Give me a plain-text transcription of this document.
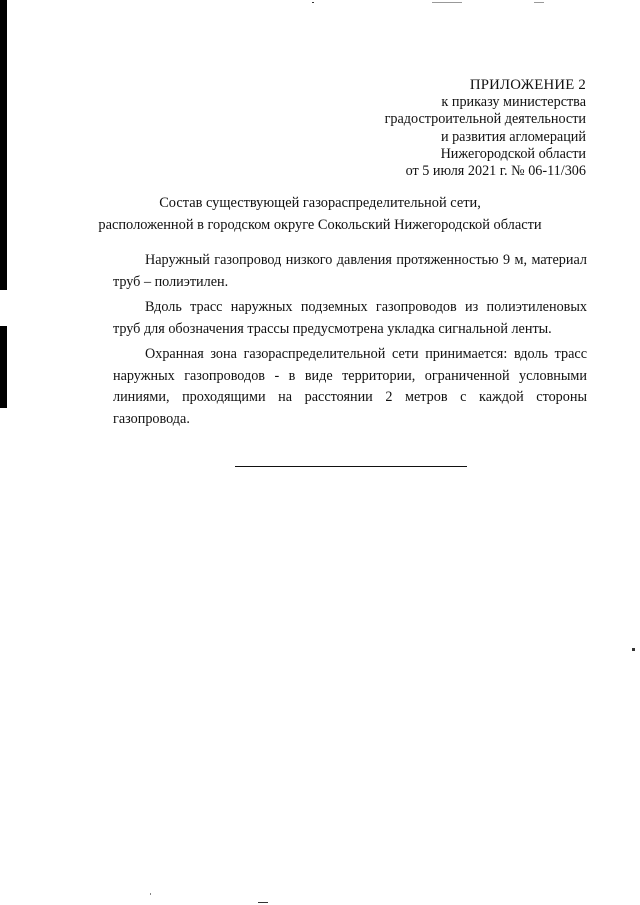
ПРИЛОЖЕНИЕ 2
к приказу министерства
градостроительной деятельности
и развития агломераций
Нижегородской области
от 5 июля 2021 г. № 06-11/306
Состав существующей газораспределительной сети,
расположенной в городском округе Сокольский Нижегородской области

Наружный газопровод низкого давления протяженностью 9 м, материал труб – полиэтилен.

Вдоль трасс наружных подземных газопроводов из полиэтиленовых труб для обозначения трассы предусмотрена укладка сигнальной ленты.

Охранная зона газораспределительной сети принимается: вдоль трасс наружных газопроводов - в виде территории, ограниченной условными линиями, проходящими на расстоянии 2 метров с каждой стороны газопровода.
